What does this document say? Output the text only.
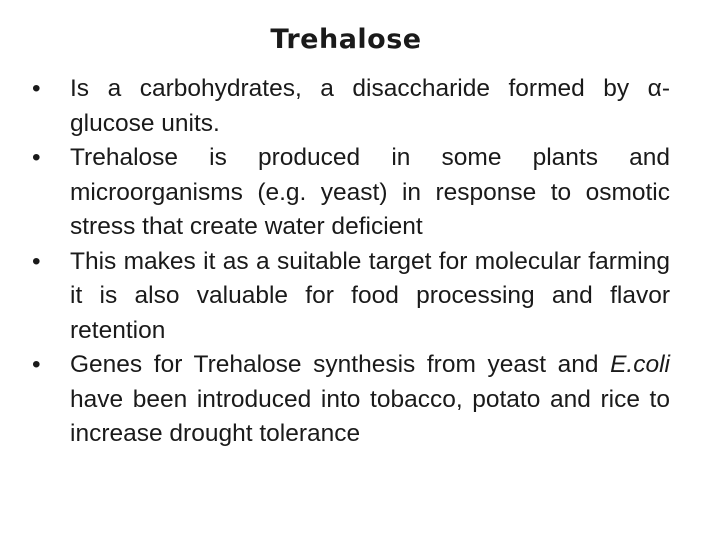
Trehalose
•	Is a carbohydrates, a disaccharide formed by α-glucose units.
•	Trehalose is produced in some plants and microorganisms (e.g. yeast) in response to osmotic stress that create water deficient
•	This makes it as a suitable target for molecular farming it is also valuable for food processing and flavor retention
•	Genes for Trehalose synthesis from yeast and E.coli have been introduced into tobacco, potato and rice to increase drought tolerance
